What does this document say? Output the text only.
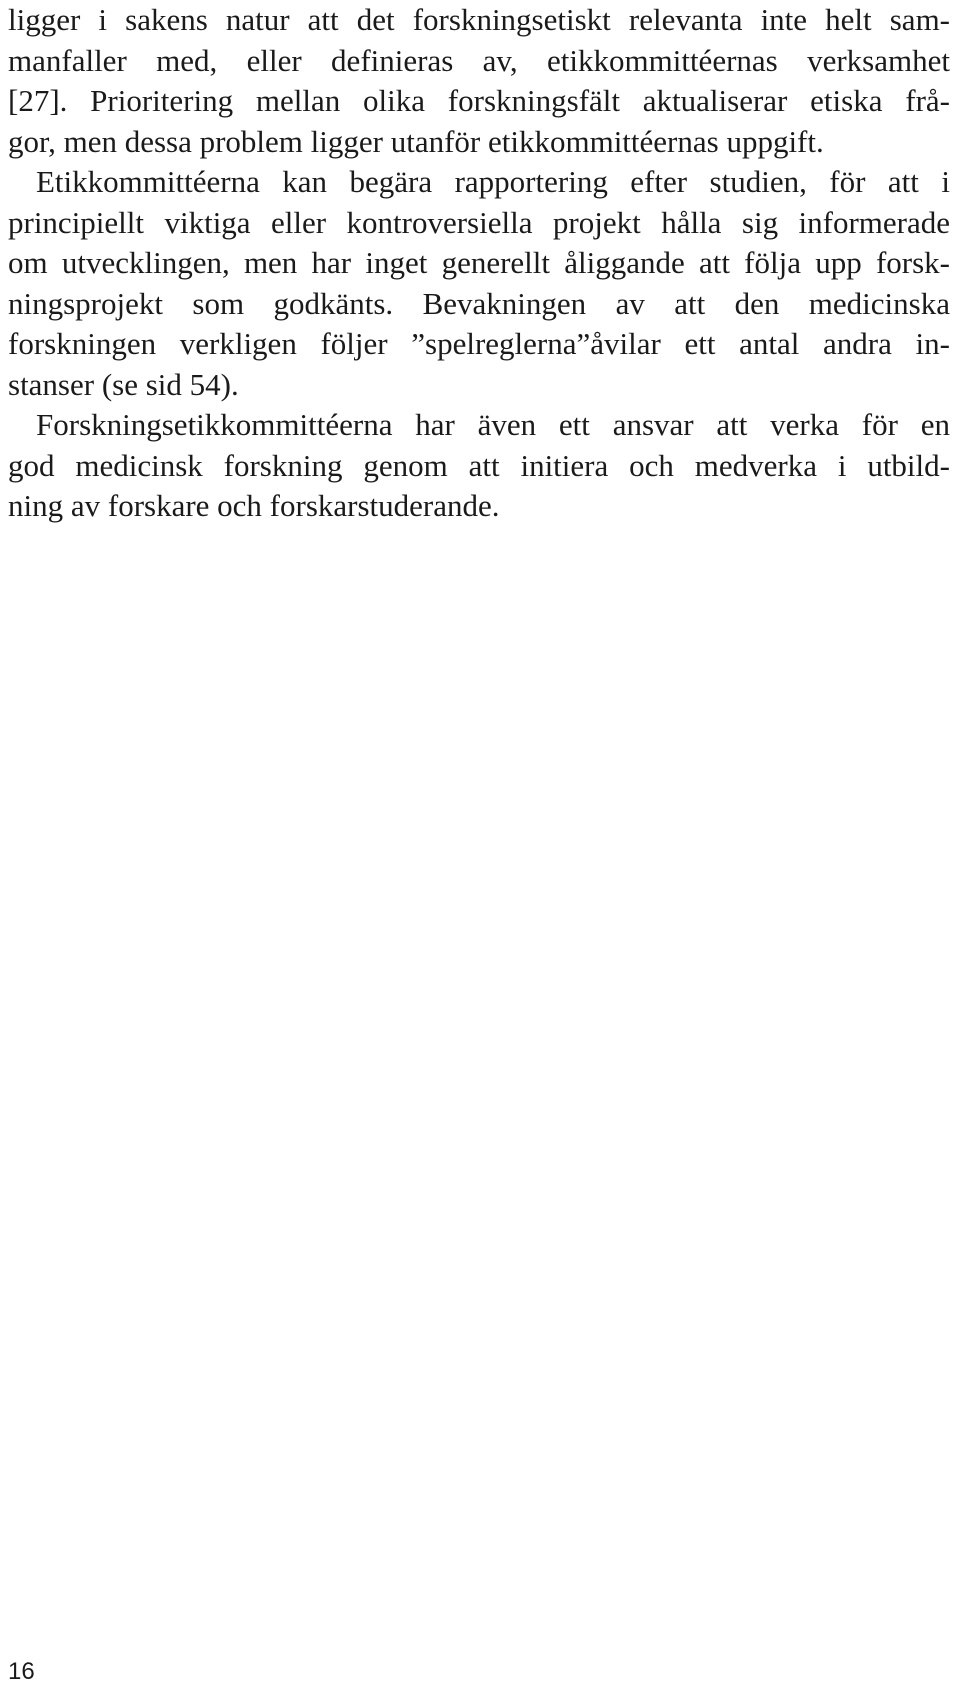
ligger i sakens natur att det forskningsetiskt relevanta inte helt sam-
manfaller med, eller definieras av, etikkommittéernas verksamhet
[27]. Prioritering mellan olika forskningsfält aktualiserar etiska frå-
gor, men dessa problem ligger utanför etikkommittéernas uppgift.

Etikkommittéerna kan begära rapportering efter studien, för att i
principiellt viktiga eller kontroversiella projekt hålla sig informerade
om utvecklingen, men har inget generellt åliggande att följa upp forsk-
ningsprojekt som godkänts. Bevakningen av att den medicinska
forskningen verkligen följer ”spelreglerna”åvilar ett antal andra in-
stanser (se sid 54).

Forskningsetikkommittéerna har även ett ansvar att verka för en
god medicinsk forskning genom att initiera och medverka i utbild-
ning av forskare och forskarstuderande.

16
